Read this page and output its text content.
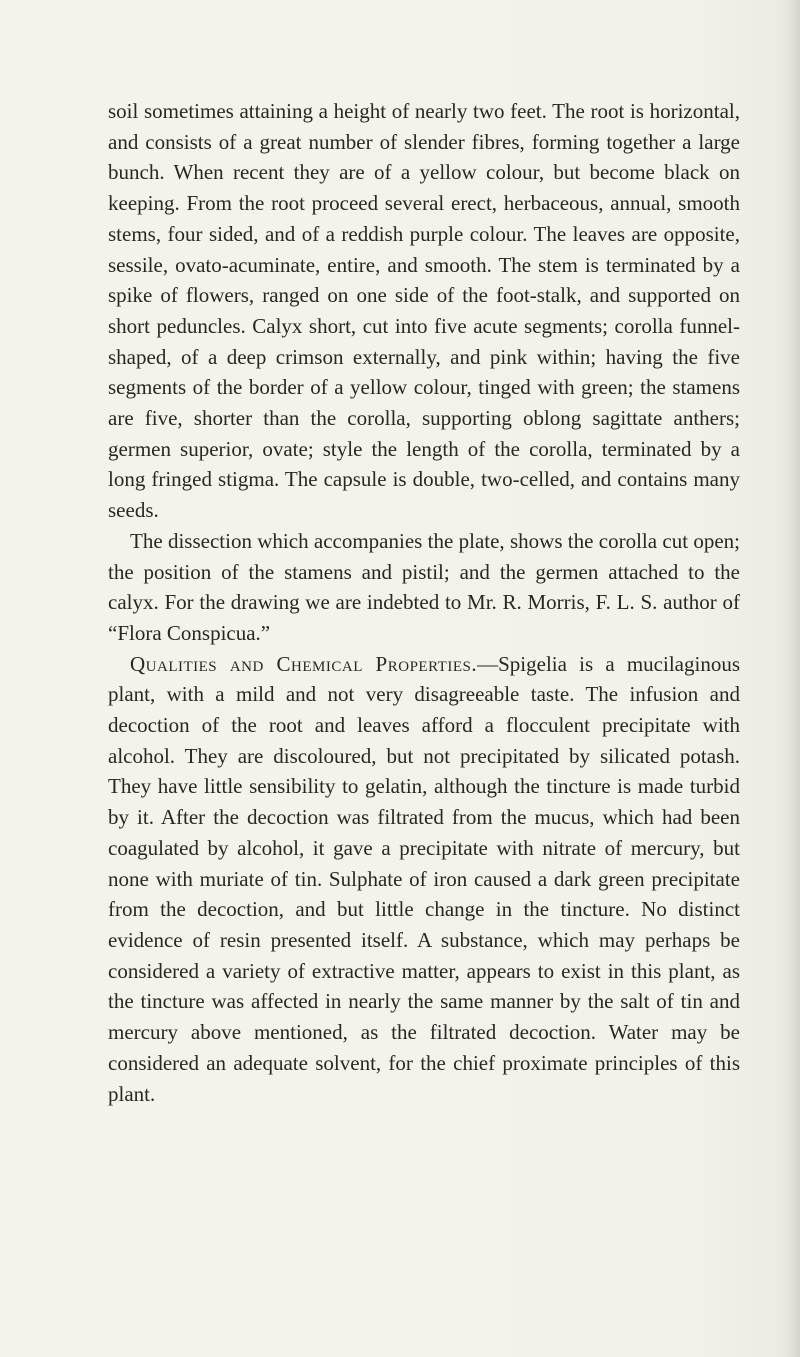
soil sometimes attaining a height of nearly two feet. The root is horizontal, and consists of a great number of slender fibres, forming together a large bunch. When recent they are of a yellow colour, but become black on keeping. From the root proceed several erect, herbaceous, annual, smooth stems, four sided, and of a reddish purple colour. The leaves are opposite, sessile, ovato-acuminate, entire, and smooth. The stem is terminated by a spike of flowers, ranged on one side of the foot-stalk, and supported on short peduncles. Calyx short, cut into five acute segments; corolla funnel-shaped, of a deep crimson externally, and pink within; having the five segments of the border of a yellow colour, tinged with green; the stamens are five, shorter than the corolla, supporting oblong sagittate anthers; germen superior, ovate; style the length of the corolla, terminated by a long fringed stigma. The capsule is double, two-celled, and contains many seeds.

The dissection which accompanies the plate, shows the corolla cut open; the position of the stamens and pistil; and the germen attached to the calyx. For the drawing we are indebted to Mr. R. Morris, F. L. S. author of “Flora Conspicua.”

Qualities and Chemical Properties.—Spigelia is a mucilaginous plant, with a mild and not very disagreeable taste. The infusion and decoction of the root and leaves afford a flocculent precipitate with alcohol. They are discoloured, but not precipitated by silicated potash. They have little sensibility to gelatin, although the tincture is made turbid by it. After the decoction was filtrated from the mucus, which had been coagulated by alcohol, it gave a precipitate with nitrate of mercury, but none with muriate of tin. Sulphate of iron caused a dark green precipitate from the decoction, and but little change in the tincture. No distinct evidence of resin presented itself. A substance, which may perhaps be considered a variety of extractive matter, appears to exist in this plant, as the tincture was affected in nearly the same manner by the salt of tin and mercury above mentioned, as the filtrated decoction. Water may be considered an adequate solvent, for the chief proximate principles of this plant.
